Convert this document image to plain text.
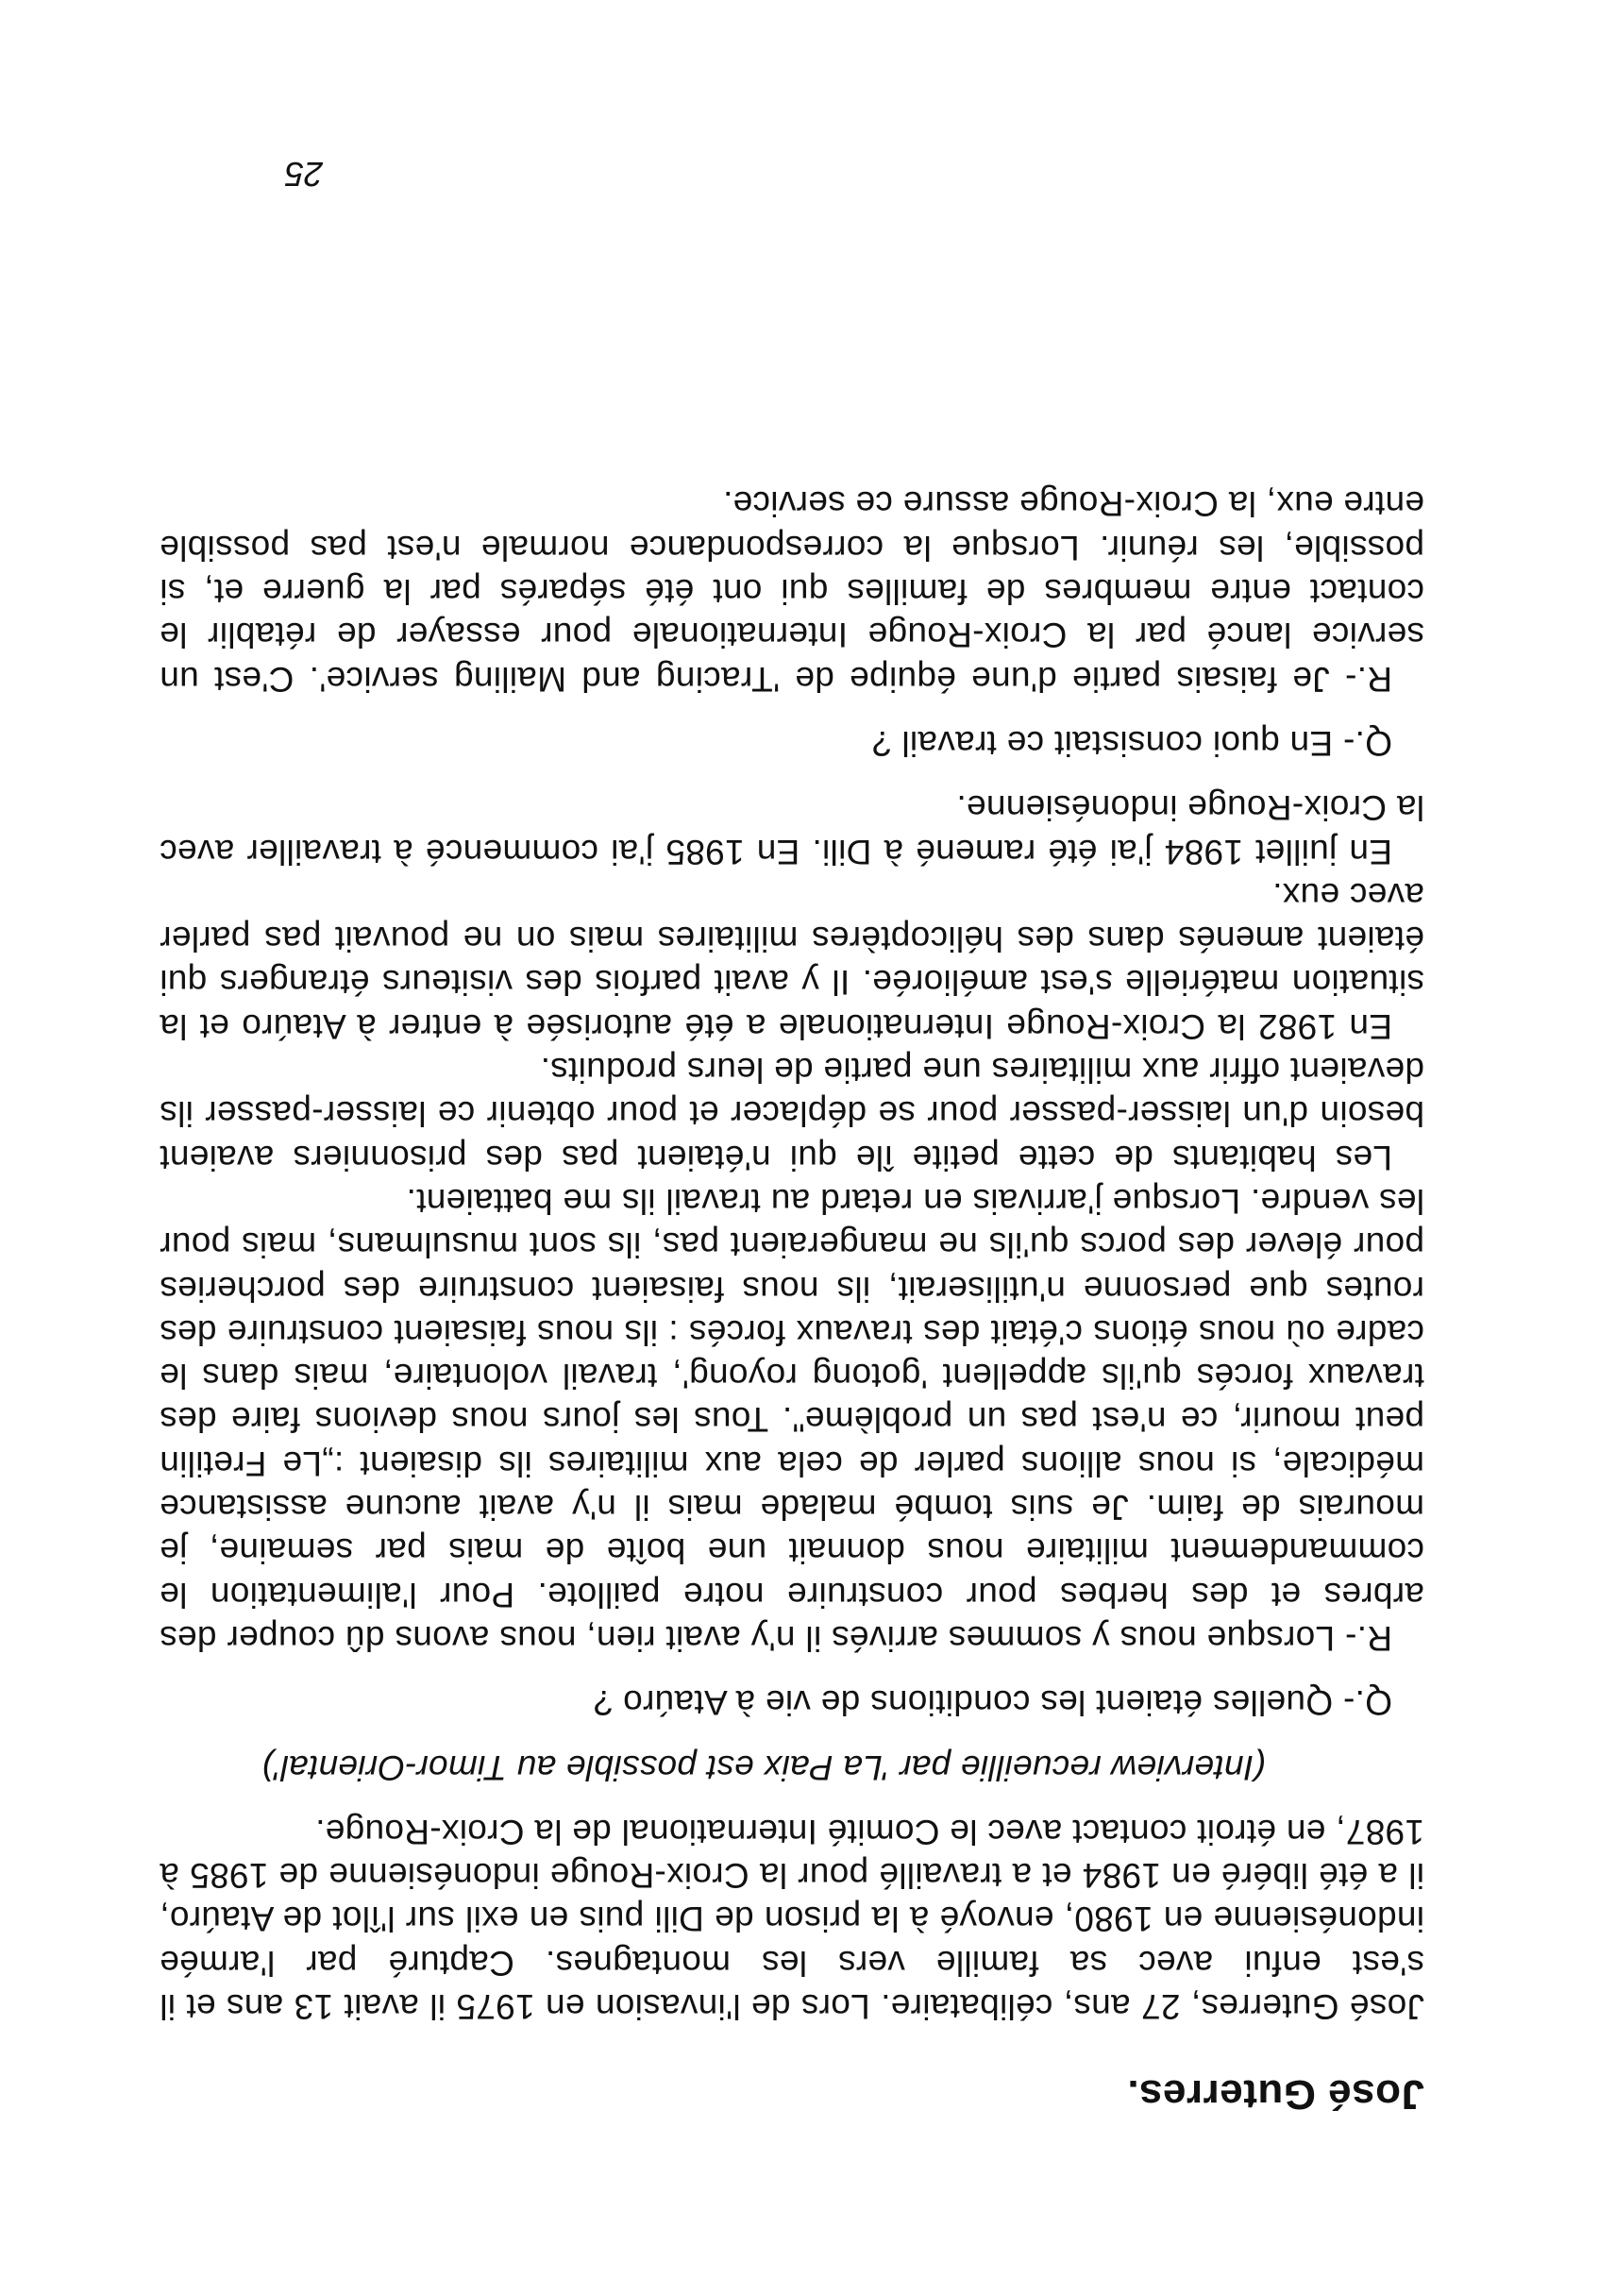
José Guterres.

José Guterres, 27 ans, célibataire. Lors de l'invasion en 1975 il avait 13 ans et il s'est enfui avec sa famille vers les montagnes. Capturé par l'armée indonésienne en 1980, envoyé à la prison de Dili puis en exil sur l'îlot de Ataúro, il a été libéré en 1984 et a travaillé pour la Croix-Rouge indonésienne de 1985 à 1987, en étroit contact avec le Comité International de la Croix-Rouge.

(Interview recueillie par 'La Paix est possible au Timor-Oriental')

Q.- Quelles étaient les conditions de vie à Ataúro ?

R.- Lorsque nous y sommes arrivés il n'y avait rien, nous avons dû couper des arbres et des herbes pour construire notre paillote. Pour l'alimentation le commandement militaire nous donnait une boîte de mais par semaine, je mourais de faim. Je suis tombé malade mais il n'y avait aucune assistance médicale, si nous allions parler de cela aux militaires ils disaient :„Le Fretilin peut mourir, ce n'est pas un problème". Tous les jours nous devions faire des travaux forcés qu'ils appellent 'gotong royong', travail volontaire, mais dans le cadre où nous étions c'était des travaux forcés : ils nous faisaient construire des routes que personne n'utiliserait, ils nous faisaient construire des porcheries pour élever des porcs qu'ils ne mangeraient pas, ils sont musulmans, mais pour les vendre. Lorsque j'arrivais en retard au travail ils me battaient.

Les habitants de cette petite île qui n'étaient pas des prisonniers avaient besoin d'un laisser-passer pour se déplacer et pour obtenir ce laisser-passer ils devaient offrir aux militaires une partie de leurs produits.

En 1982 la Croix-Rouge Internationale a été autorisée à entrer à Ataúro et la situation matérielle s'est améliorée. Il y avait parfois des visiteurs étrangers qui étaient amenés dans des hélicoptères militaires mais on ne pouvait pas parler avec eux.

En juillet 1984 j'ai été ramené à Dili. En 1985 j'ai commencé à travailler avec la Croix-Rouge indonésienne.

Q.- En quoi consistait ce travail ?

R.- Je faisais partie d'une équipe de 'Tracing and Mailing service'. C'est un service lancé par la Croix-Rouge Internationale pour essayer de rétablir le contact entre membres de familles qui ont été séparés par la guerre et, si possible, les réunir. Lorsque la correspondance normale n'est pas possible entre eux, la Croix-Rouge assure ce service.

25
